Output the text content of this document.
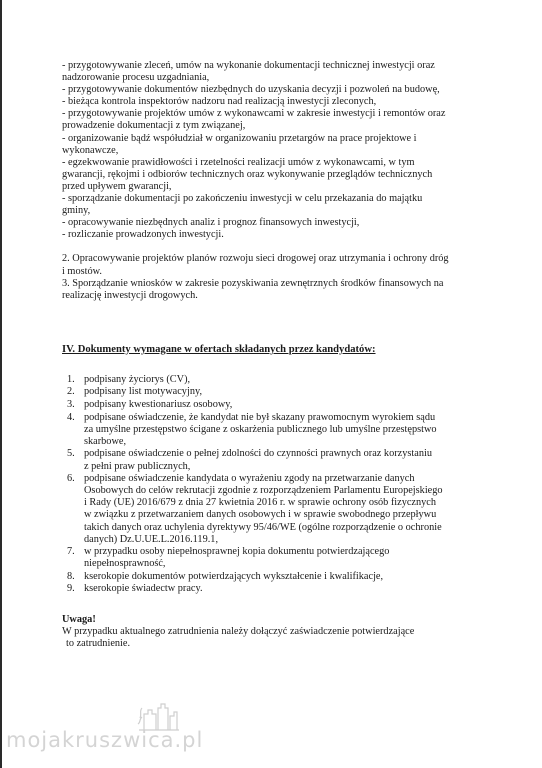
- przygotowywanie zleceń, umów na wykonanie dokumentacji technicznej inwestycji oraz
nadzorowanie procesu uzgadniania,
- przygotowywanie dokumentów niezbędnych do uzyskania decyzji i pozwoleń na budowę,
- bieżąca kontrola inspektorów nadzoru nad realizacją inwestycji zleconych,
- przygotowywanie projektów umów z wykonawcami w zakresie inwestycji i remontów oraz
prowadzenie dokumentacji z tym związanej,
- organizowanie bądź współudział w organizowaniu przetargów na prace projektowe i
wykonawcze,
- egzekwowanie prawidłowości i rzetelności realizacji umów z wykonawcami, w tym
gwarancji, rękojmi i odbiorów technicznych oraz wykonywanie przeglądów technicznych
przed upływem gwarancji,
- sporządzanie dokumentacji po zakończeniu inwestycji w celu przekazania do majątku
gminy,
- opracowywanie niezbędnych analiz i prognoz finansowych inwestycji,
- rozliczanie prowadzonych inwestycji.
2. Opracowywanie projektów planów rozwoju sieci drogowej oraz utrzymania i ochrony dróg
i mostów.
3. Sporządzanie wniosków w zakresie pozyskiwania zewnętrznych środków finansowych na
realizację inwestycji drogowych.
IV. Dokumenty wymagane w ofertach składanych przez kandydatów:
1. podpisany życiorys (CV),
2. podpisany list motywacyjny,
3. podpisany kwestionariusz osobowy,
4. podpisane oświadczenie, że kandydat nie był skazany prawomocnym wyrokiem sądu
za umyślne przestępstwo ścigane z oskarżenia publicznego lub umyślne przestępstwo
skarbowe,
5. podpisane oświadczenie o pełnej zdolności do czynności prawnych oraz korzystaniu
z pełni praw publicznych,
6. podpisane oświadczenie kandydata o wyrażeniu zgody na przetwarzanie danych
Osobowych do celów rekrutacji zgodnie z rozporządzeniem Parlamentu Europejskiego
i Rady (UE) 2016/679 z dnia 27 kwietnia 2016 r. w sprawie ochrony osób fizycznych
w związku z przetwarzaniem danych osobowych i w sprawie swobodnego przepływu
takich danych oraz uchylenia dyrektywy 95/46/WE (ogólne rozporządzenie o ochronie
danych) Dz.U.UE.L.2016.119.1,
7. w przypadku osoby niepełnosprawnej kopia dokumentu potwierdzającego
niepełnosprawność,
8. kserokopie dokumentów potwierdzających wykształcenie i kwalifikacje,
9. kserokopie świadectw pracy.
Uwaga!
W przypadku aktualnego zatrudnienia należy dołączyć zaświadczenie potwierdzające
to zatrudnienie.
mojakruszwica.pl
